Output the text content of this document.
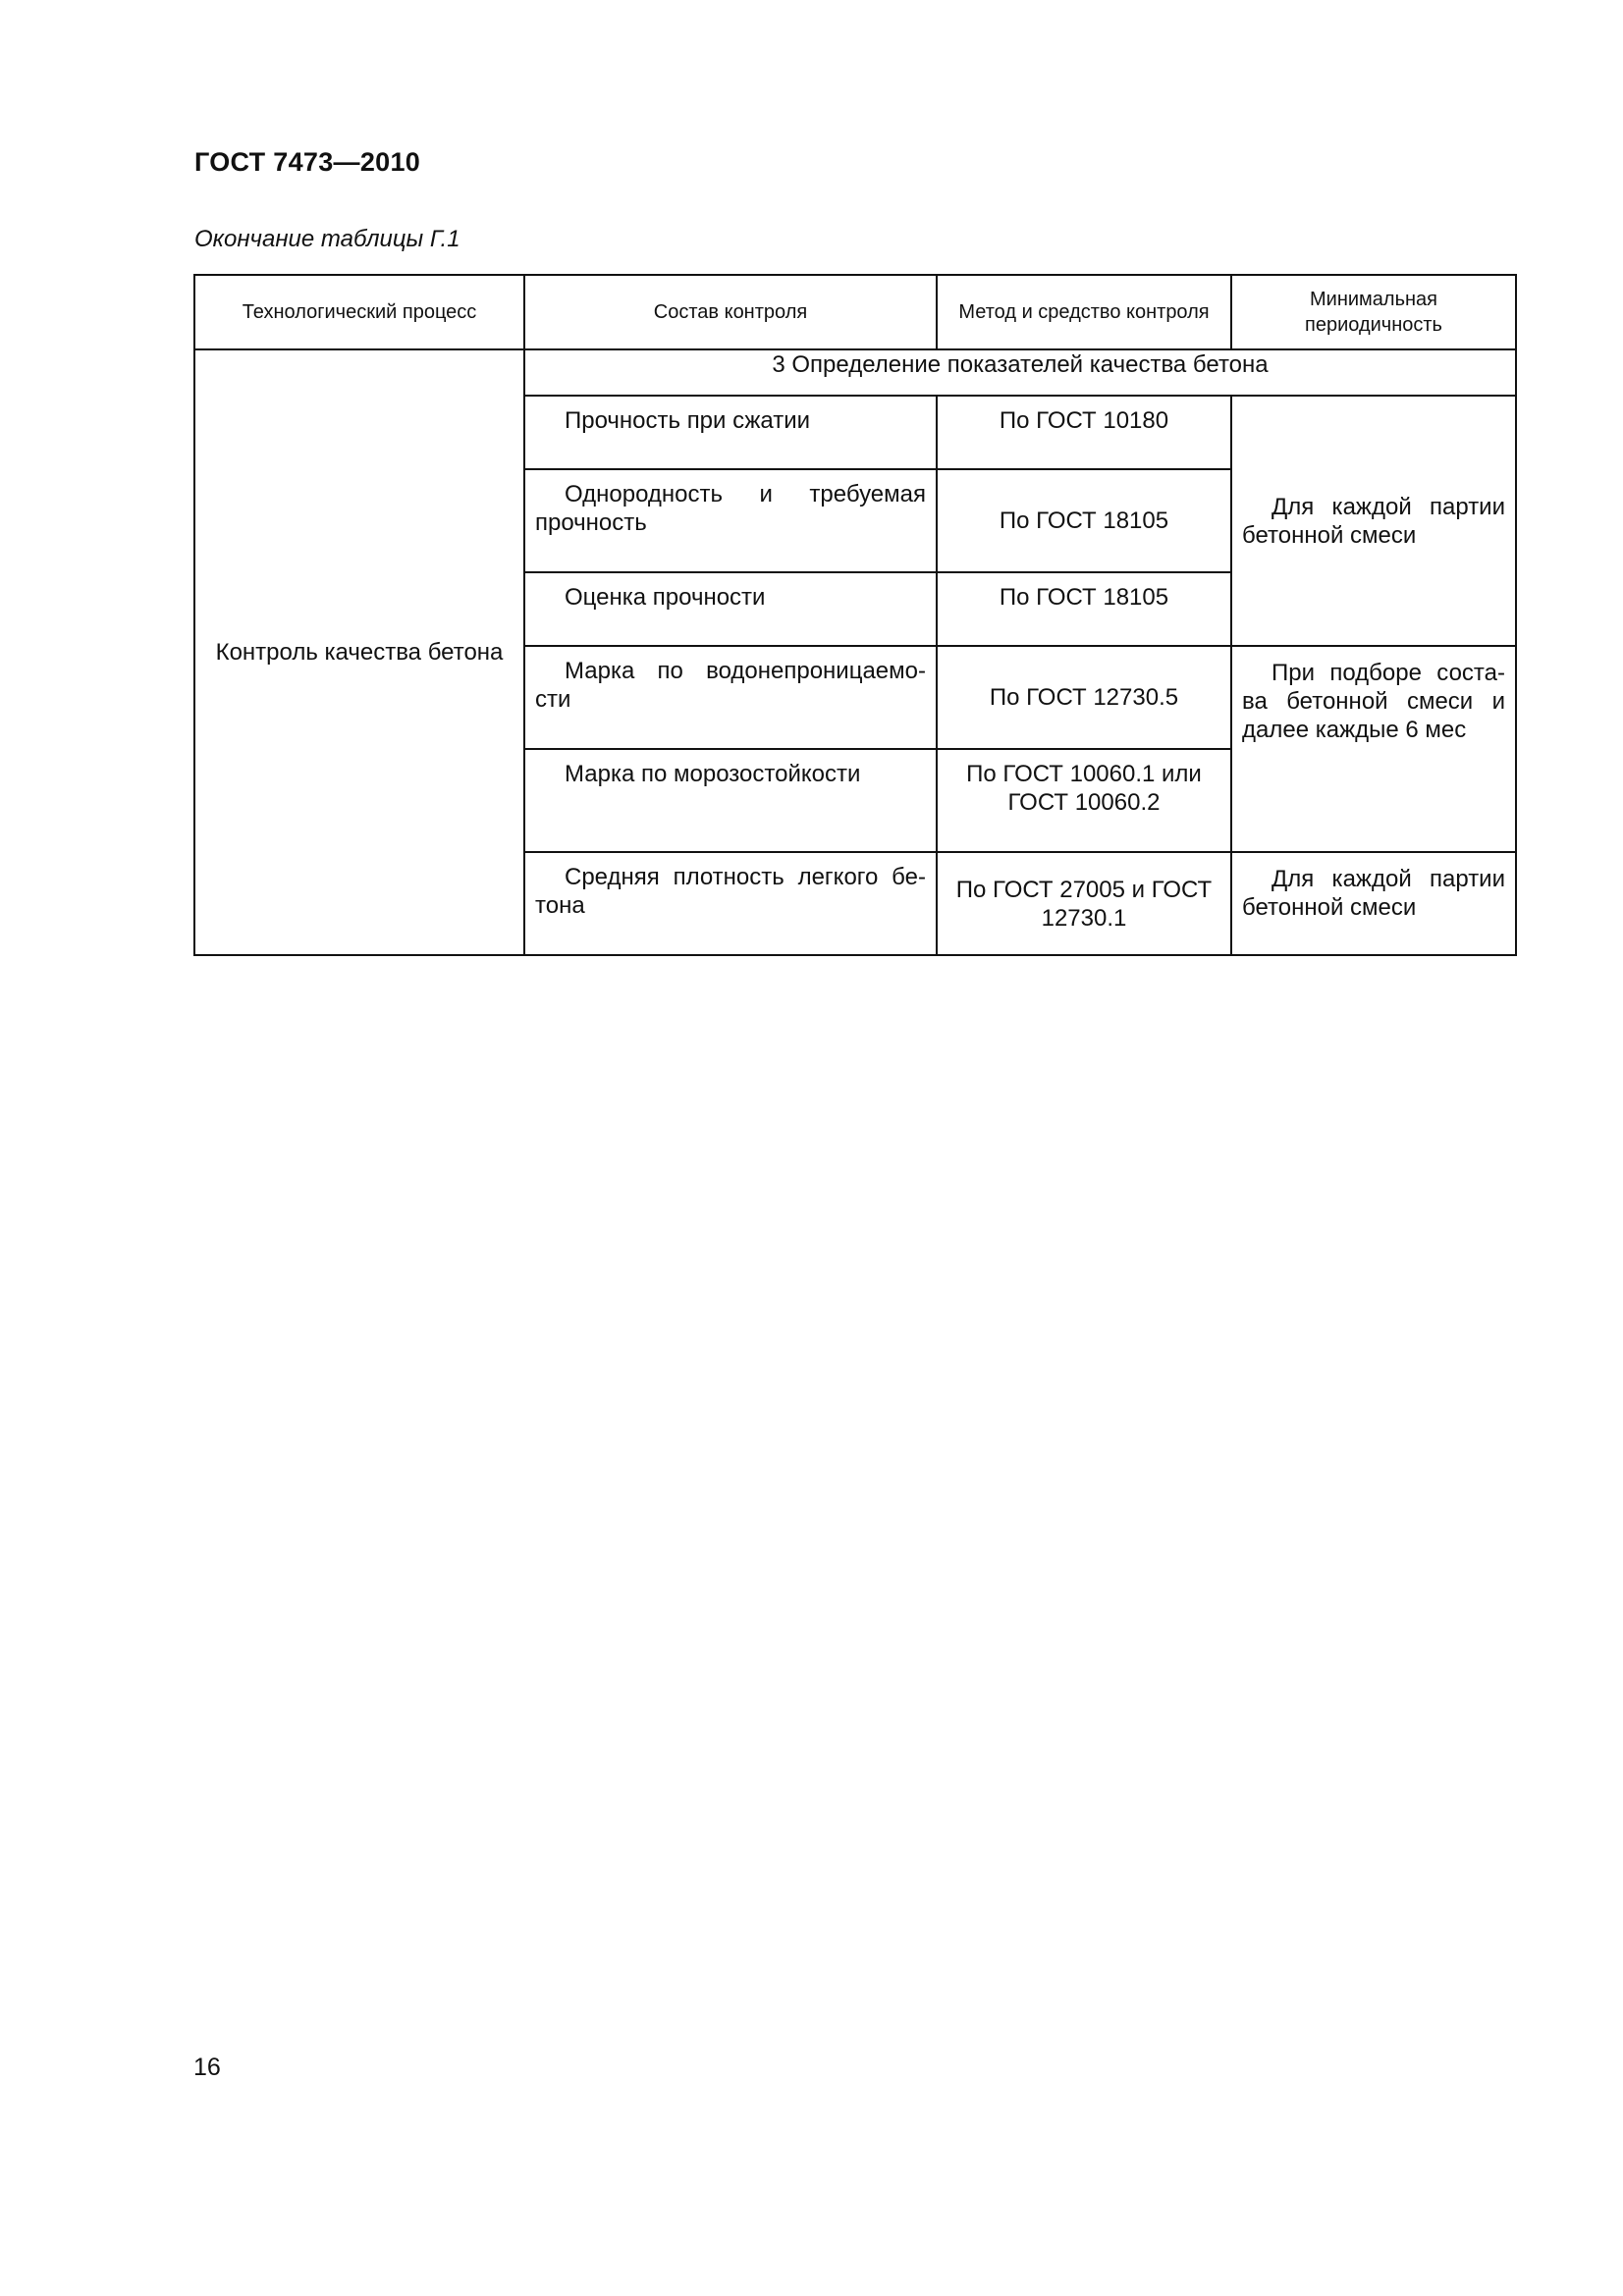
ГОСТ 7473—2010
Окончание таблицы Г.1
Технологический процесс	Состав контроля	Метод и средство контроля	Минимальная периодичность
Контроль качества бетона	3 Определение показателей качества бетона		
	Прочность при сжатии	По ГОСТ 10180	Для каждой партии бетонной смеси
	Однородность и требуемая прочность	По ГОСТ 18105	
	Оценка прочности	По ГОСТ 18105	
	Марка по водонепроницаемо-сти	По ГОСТ 12730.5	При подборе соста-ва бетонной смеси и далее каждые 6 мес
	Марка по морозостойкости	По ГОСТ 10060.1 или ГОСТ 10060.2	
	Средняя плотность легкого бе-тона	По ГОСТ 27005 и ГОСТ 12730.1	Для каждой партии бетонной смеси
16
